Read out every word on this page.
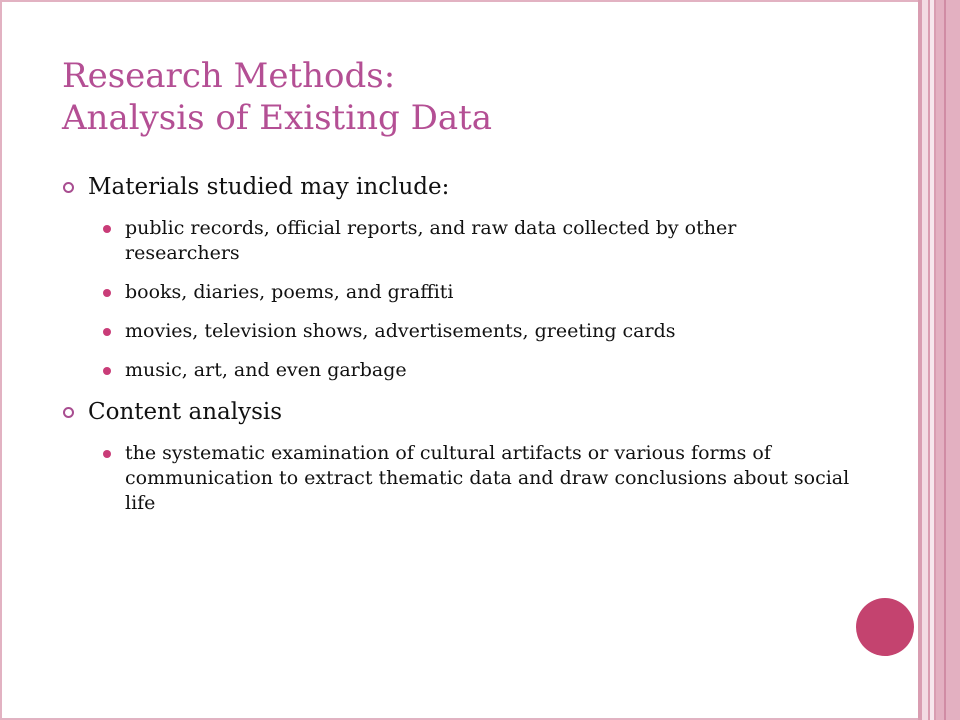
Research Methods:
Analysis of Existing Data
Materials studied may include:
public records, official reports, and raw data collected by other researchers
books, diaries, poems, and graffiti
movies, television shows, advertisements, greeting cards
music, art, and even garbage
Content analysis
the systematic examination of cultural artifacts or various forms of communication to extract thematic data and draw conclusions about social life
